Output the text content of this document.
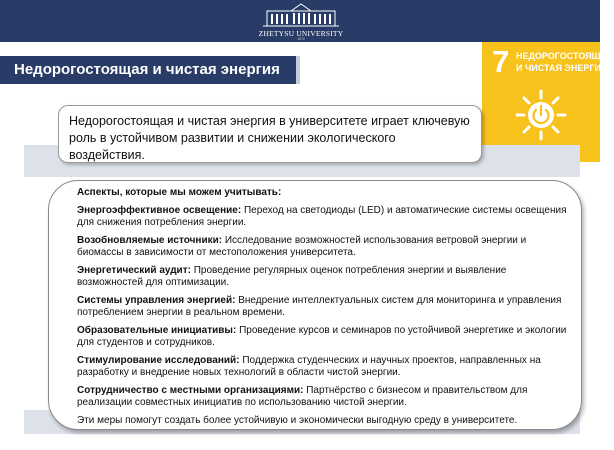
ZHETYSU UNIVERSITY
1972
Недорогостоящая и чистая энергия	7 НЕДОРОГОСТОЯЩАЯ
И ЧИСТАЯ ЭНЕРГИЯ
Недорогостоящая и чистая энергия в университете играет ключевую роль в устойчивом развитии и снижении экологического воздействия.
Аспекты, которые мы можем учитывать:
Энергоэффективное освещение: Переход на светодиоды (LED) и автоматические системы освещения для снижения потребления энергии.
Возобновляемые источники: Исследование возможностей использования ветровой энергии и биомассы в зависимости от местоположения университета.
Энергетический аудит: Проведение регулярных оценок потребления энергии и выявление возможностей для оптимизации.
Системы управления энергией: Внедрение интеллектуальных систем для мониторинга и управления потреблением энергии в реальном времени.
Образовательные инициативы: Проведение курсов и семинаров по устойчивой энергетике и экологии для студентов и сотрудников.
Стимулирование исследований: Поддержка студенческих и научных проектов, направленных на разработку и внедрение новых технологий в области чистой энергии.
Сотрудничество с местными организациями: Партнёрство с бизнесом и правительством для реализации совместных инициатив по использованию чистой энергии.
Эти меры помогут создать более устойчивую и экономически выгодную среду в университете.
